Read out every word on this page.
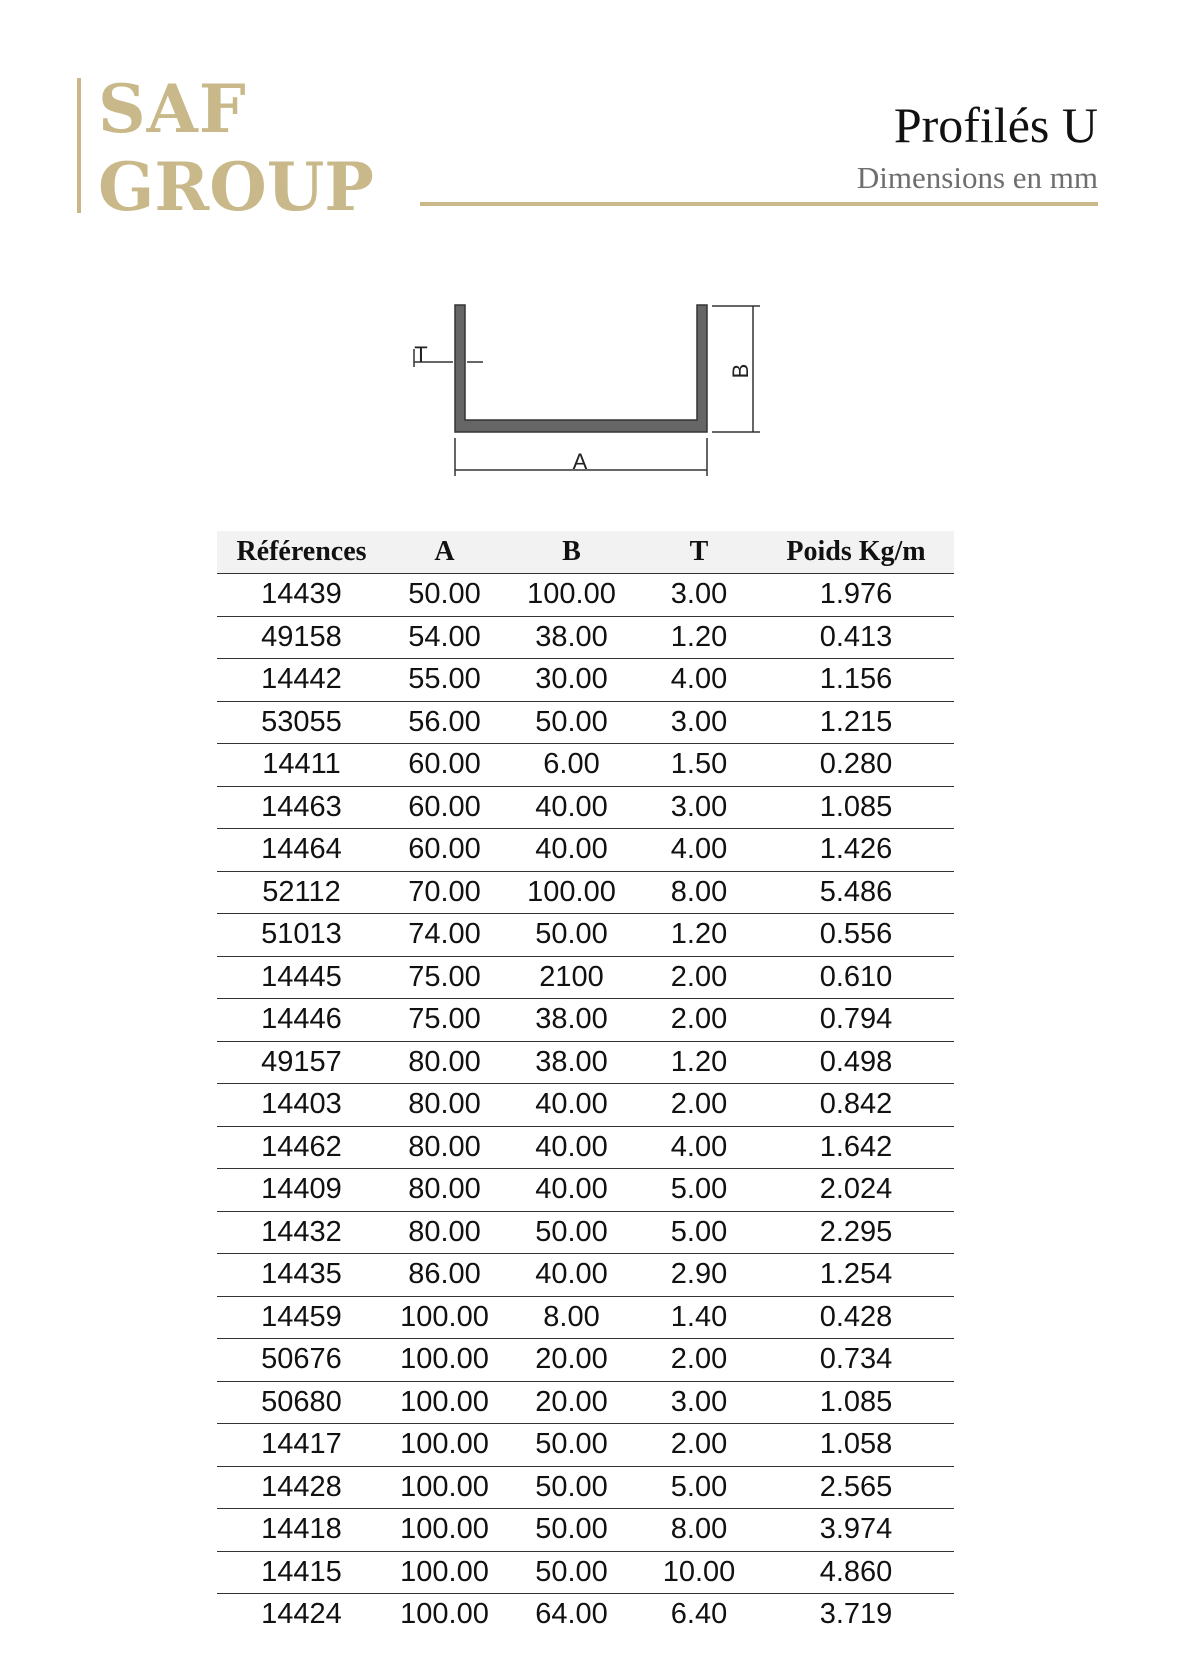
SAF
GROUP
Profilés U
Dimensions en mm
T
A
B
Références	A	B	T	Poids Kg/m
14439	50.00	100.00	3.00	1.976
49158	54.00	38.00	1.20	0.413
14442	55.00	30.00	4.00	1.156
53055	56.00	50.00	3.00	1.215
14411	60.00	6.00	1.50	0.280
14463	60.00	40.00	3.00	1.085
14464	60.00	40.00	4.00	1.426
52112	70.00	100.00	8.00	5.486
51013	74.00	50.00	1.20	0.556
14445	75.00	2100	2.00	0.610
14446	75.00	38.00	2.00	0.794
49157	80.00	38.00	1.20	0.498
14403	80.00	40.00	2.00	0.842
14462	80.00	40.00	4.00	1.642
14409	80.00	40.00	5.00	2.024
14432	80.00	50.00	5.00	2.295
14435	86.00	40.00	2.90	1.254
14459	100.00	8.00	1.40	0.428
50676	100.00	20.00	2.00	0.734
50680	100.00	20.00	3.00	1.085
14417	100.00	50.00	2.00	1.058
14428	100.00	50.00	5.00	2.565
14418	100.00	50.00	8.00	3.974
14415	100.00	50.00	10.00	4.860
14424	100.00	64.00	6.40	3.719
